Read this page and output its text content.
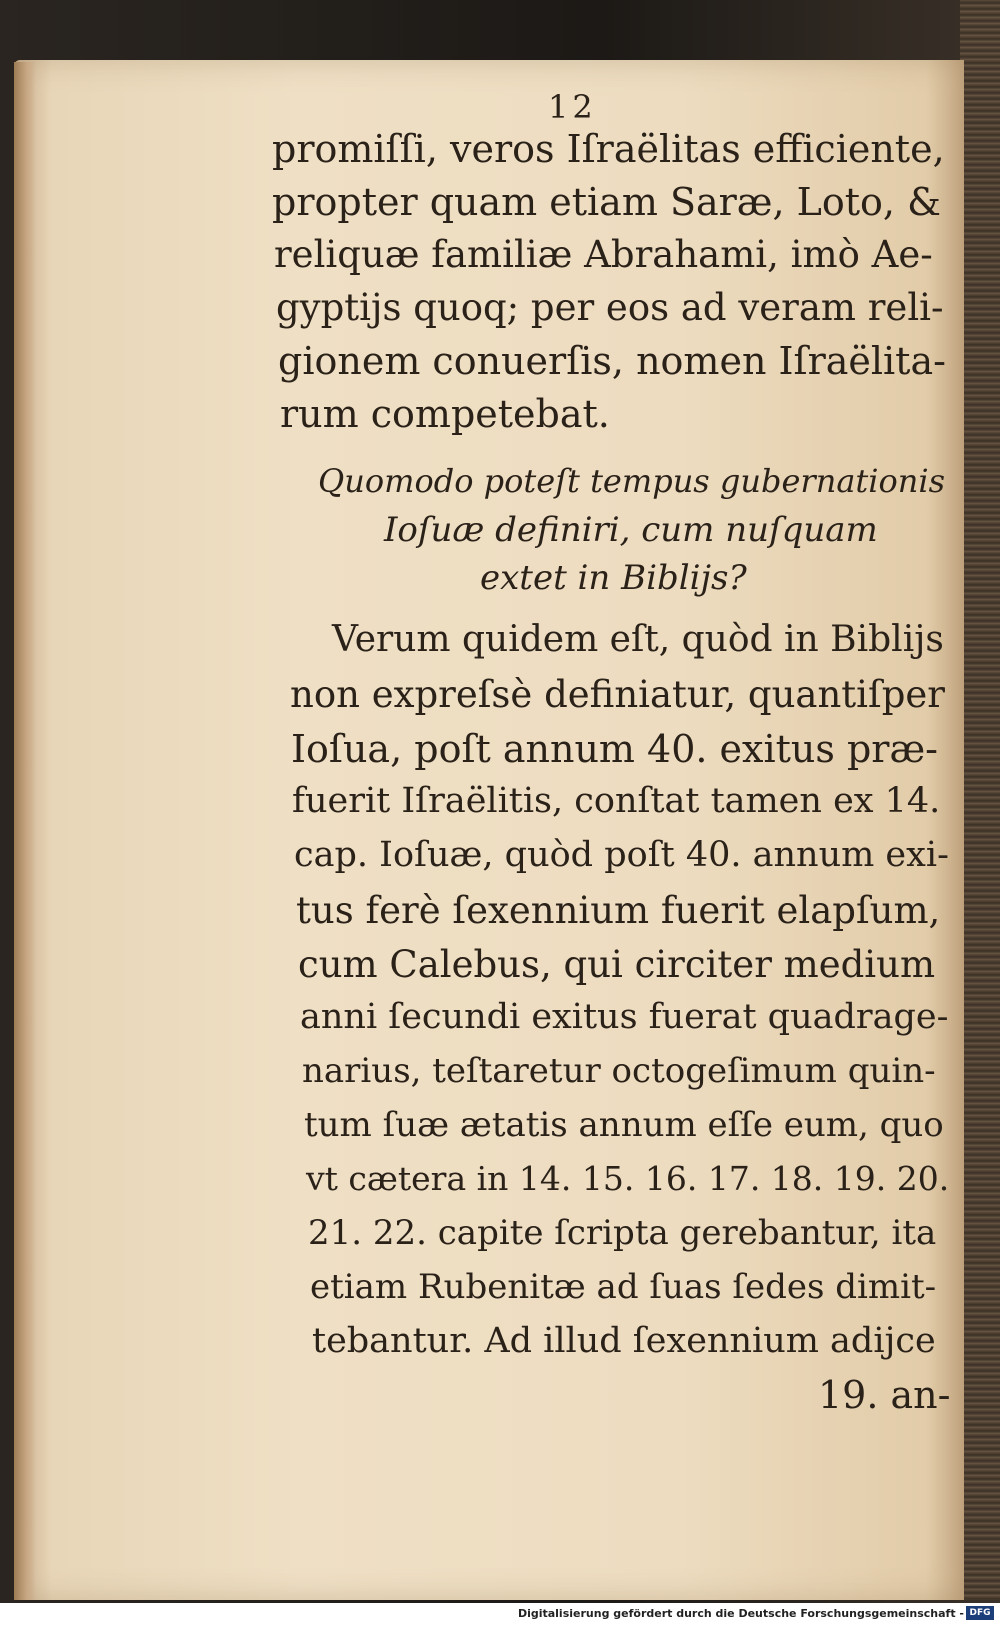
12
promiſſi, veros Iſraëlitas efficiente,
propter quam etiam Saræ, Loto, &
reliquæ familiæ Abrahami, imò Ae-
gyptijs quoq; per eos ad veram reli-
gionem conuerſis, nomen Iſraëlita-
rum competebat.
Quomodo poteſt tempus gubernationis
Ioſuæ definiri, cum nuſquam
extet in Biblijs?
Verum quidem eſt, quòd in Biblijs
non expreſsè definiatur, quantiſper
Ioſua, poſt annum 40. exitus præ-
fuerit Iſraëlitis, conſtat tamen ex 14.
cap. Ioſuæ, quòd poſt 40. annum exi-
tus ferè ſexennium fuerit elapſum,
cum Calebus, qui circiter medium
anni ſecundi exitus fuerat quadrage-
narius, teſtaretur octogeſimum quin-
tum ſuæ ætatis annum eſſe eum, quo
vt cætera in 14. 15. 16. 17. 18. 19. 20.
21. 22. capite ſcripta gerebantur, ita
etiam Rubenitæ ad ſuas ſedes dimit-
tebantur. Ad illud ſexennium adijce
19. an-
Digitalisierung gefördert durch die Deutsche Forschungsgemeinschaft - DFG
